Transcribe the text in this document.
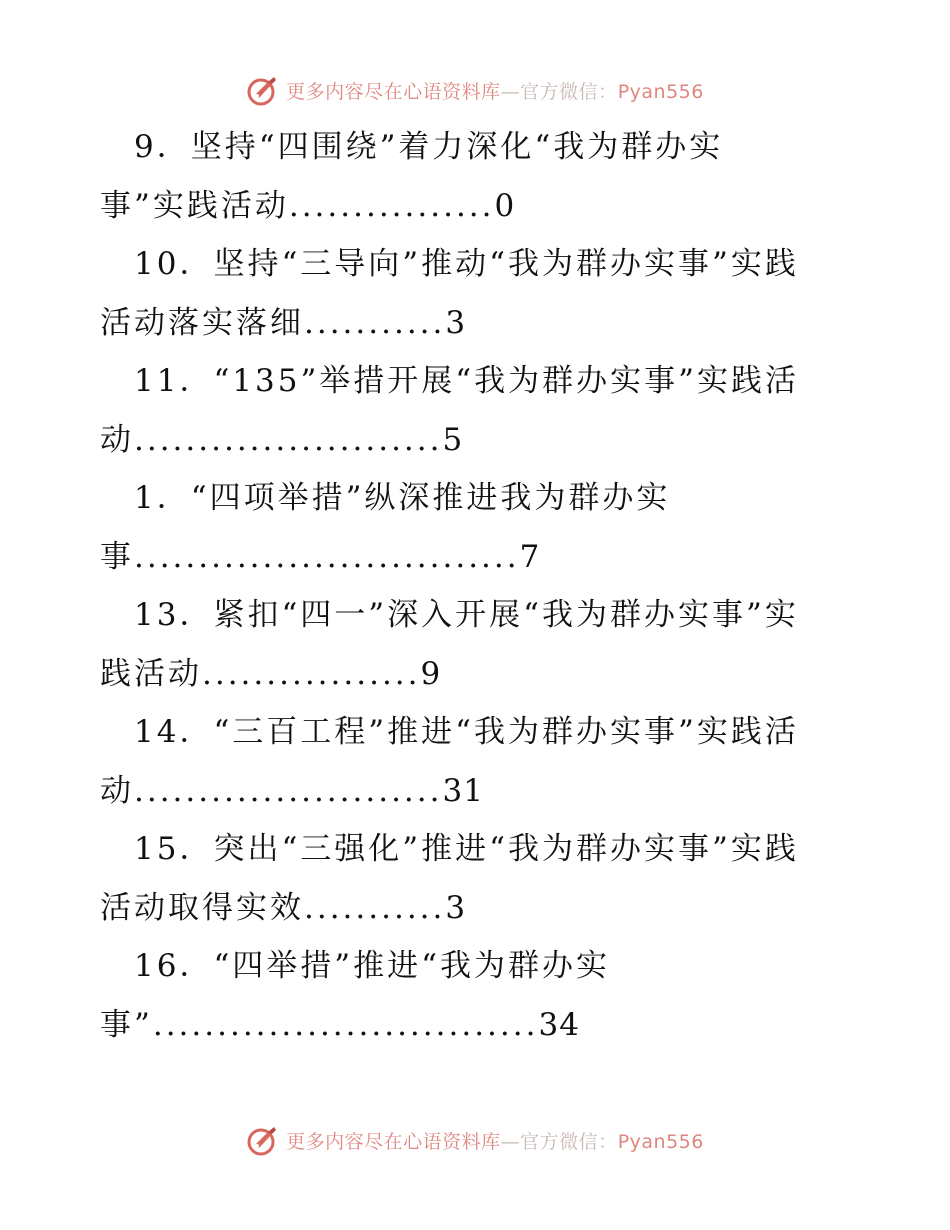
更多内容尽在心语资料库—官方微信：Pyan556
9．坚持“四围绕”着力深化“我为群办实
事”实践活动................0
10．坚持“三导向”推动“我为群办实事”实践
活动落实落细...........3
11．“135”举措开展“我为群办实事”实践活
动........................5
1．“四项举措”纵深推进我为群办实
事..............................7
13．紧扣“四一”深入开展“我为群办实事”实
践活动.................9
14．“三百工程”推进“我为群办实事”实践活
动........................31
15．突出“三强化”推进“我为群办实事”实践
活动取得实效...........3
16．“四举措”推进“我为群办实
事”..............................34
更多内容尽在心语资料库—官方微信：Pyan556
